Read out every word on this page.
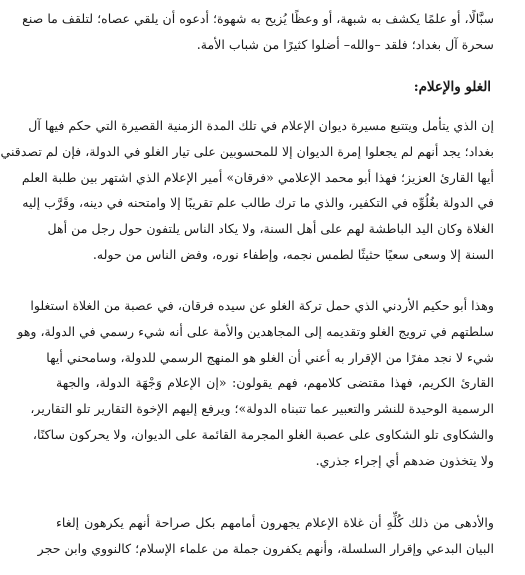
سبَّالًا، أو علمًا يكشف به شبهة، أو وعظًا يُزيح به شهوة؛ أدعوه أن يلقي عصاه؛ لتلقف ما صنع
سحرة آل بغداد؛ فلقد –والله– أضلوا كثيرًا من شباب الأمة.

الغلو والإعلام:

إن الذي يتأمل ويتتبع مسيرة ديوان الإعلام في تلك المدة الزمنية القصيرة التي حكم فيها آل
بغداد؛ يجد أنهم لم يجعلوا إمرة الديوان إلا للمحسوبين على تيار الغلو في الدولة، فإن لم تصدقني
أيها القارئ العزيز؛ فهذا أبو محمد الإعلامي «فرقان» أمير الإعلام الذي اشتهر بين طلبة العلم
في الدولة بغُلُوِّه في التكفير، والذي ما ترك طالب علم تقريبًا إلا وامتحنه في دينه، وقَرَّب إليه
الغلاة وكان اليد الباطشة لهم على أهل السنة، ولا يكاد الناس يلتفون حول رجل من أهل
السنة إلا وسعى سعيًا حثيثًا لطمس نجمه، وإطفاء نوره، وفض الناس من حوله.

وهذا أبو حكيم الأردني الذي حمل تركة الغلو عن سيده فرقان، في عصبة من الغلاة استغلوا
سلطتهم في ترويج الغلو وتقديمه إلى المجاهدين والأمة على أنه شيء رسمي في الدولة، وهو
شيء لا نجد مفرًا من الإقرار به أعني أن الغلو هو المنهج الرسمي للدولة، وسامحني أيها
القارئ الكريم، فهذا مقتضى كلامهم، فهم يقولون: «إن الإعلام وَجْهَة الدولة، والجهة
الرسمية الوحيدة للنشر والتعبير عما تتبناه الدولة»؛ ويرفع إليهم الإخوة التقارير تلو التقارير،
والشكاوى تلو الشكاوى على عصبة الغلو المجرمة القائمة على الديوان، ولا يحركون ساكنًا،
ولا يتخذون ضدهم أي إجراء جذري.

والأدهى من ذلك كُلِّهِ أن غلاة الإعلام يجهرون أمامهم بكل صراحة أنهم يكرهون إلغاء
البيان البدعي وإقرار السلسلة، وأنهم يكفرون جملة من علماء الإسلام؛ كالنووي وابن حجر
